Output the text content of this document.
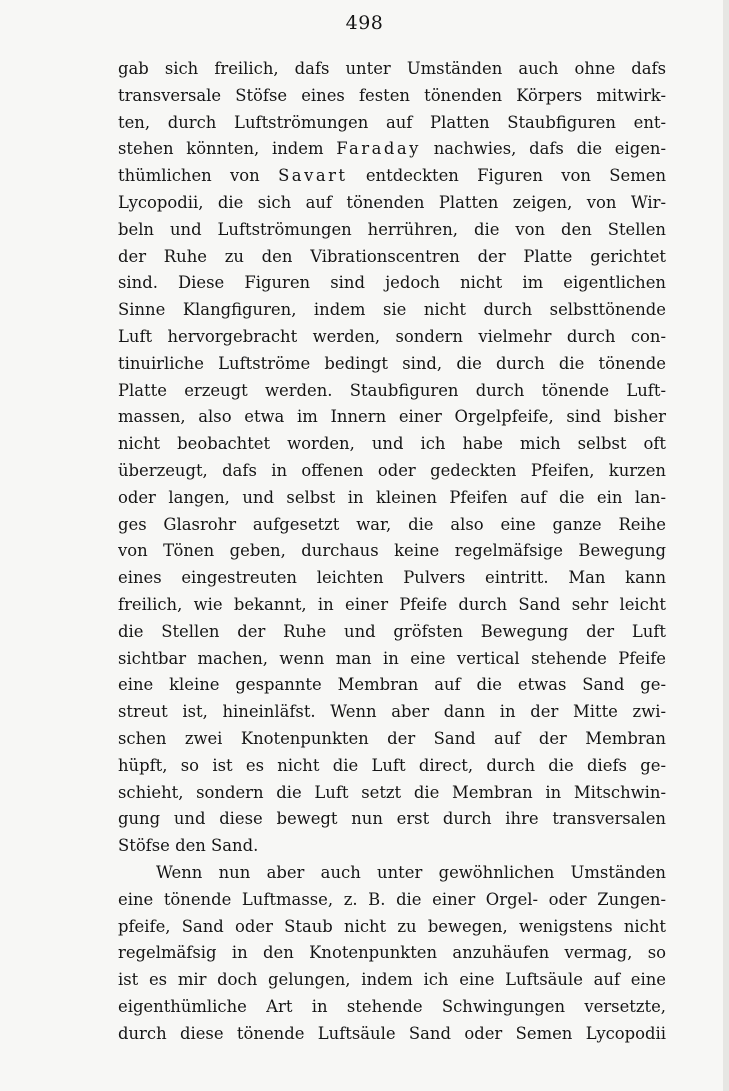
498
gab sich freilich, dafs unter Umständen auch ohne dafs
transversale Stöfse eines festen tönenden Körpers mitwirk-
ten, durch Luftströmungen auf Platten Staubfiguren ent-
stehen könnten, indem Faraday nachwies, dafs die eigen-
thümlichen von Savart entdeckten Figuren von Semen
Lycopodii, die sich auf tönenden Platten zeigen, von Wir-
beln und Luftströmungen herrühren, die von den Stellen
der Ruhe zu den Vibrationscentren der Platte gerichtet
sind. Diese Figuren sind jedoch nicht im eigentlichen
Sinne Klangfiguren, indem sie nicht durch selbsttönende
Luft hervorgebracht werden, sondern vielmehr durch con-
tinuirliche Luftströme bedingt sind, die durch die tönende
Platte erzeugt werden. Staubfiguren durch tönende Luft-
massen, also etwa im Innern einer Orgelpfeife, sind bisher
nicht beobachtet worden, und ich habe mich selbst oft
überzeugt, dafs in offenen oder gedeckten Pfeifen, kurzen
oder langen, und selbst in kleinen Pfeifen auf die ein lan-
ges Glasrohr aufgesetzt war, die also eine ganze Reihe
von Tönen geben, durchaus keine regelmäfsige Bewegung
eines eingestreuten leichten Pulvers eintritt. Man kann
freilich, wie bekannt, in einer Pfeife durch Sand sehr leicht
die Stellen der Ruhe und gröfsten Bewegung der Luft
sichtbar machen, wenn man in eine vertical stehende Pfeife
eine kleine gespannte Membran auf die etwas Sand ge-
streut ist, hineinläfst. Wenn aber dann in der Mitte zwi-
schen zwei Knotenpunkten der Sand auf der Membran
hüpft, so ist es nicht die Luft direct, durch die diefs ge-
schieht, sondern die Luft setzt die Membran in Mitschwin-
gung und diese bewegt nun erst durch ihre transversalen
Stöfse den Sand.
Wenn nun aber auch unter gewöhnlichen Umständen
eine tönende Luftmasse, z. B. die einer Orgel- oder Zungen-
pfeife, Sand oder Staub nicht zu bewegen, wenigstens nicht
regelmäfsig in den Knotenpunkten anzuhäufen vermag, so
ist es mir doch gelungen, indem ich eine Luftsäule auf eine
eigenthümliche Art in stehende Schwingungen versetzte,
durch diese tönende Luftsäule Sand oder Semen Lycopodii
